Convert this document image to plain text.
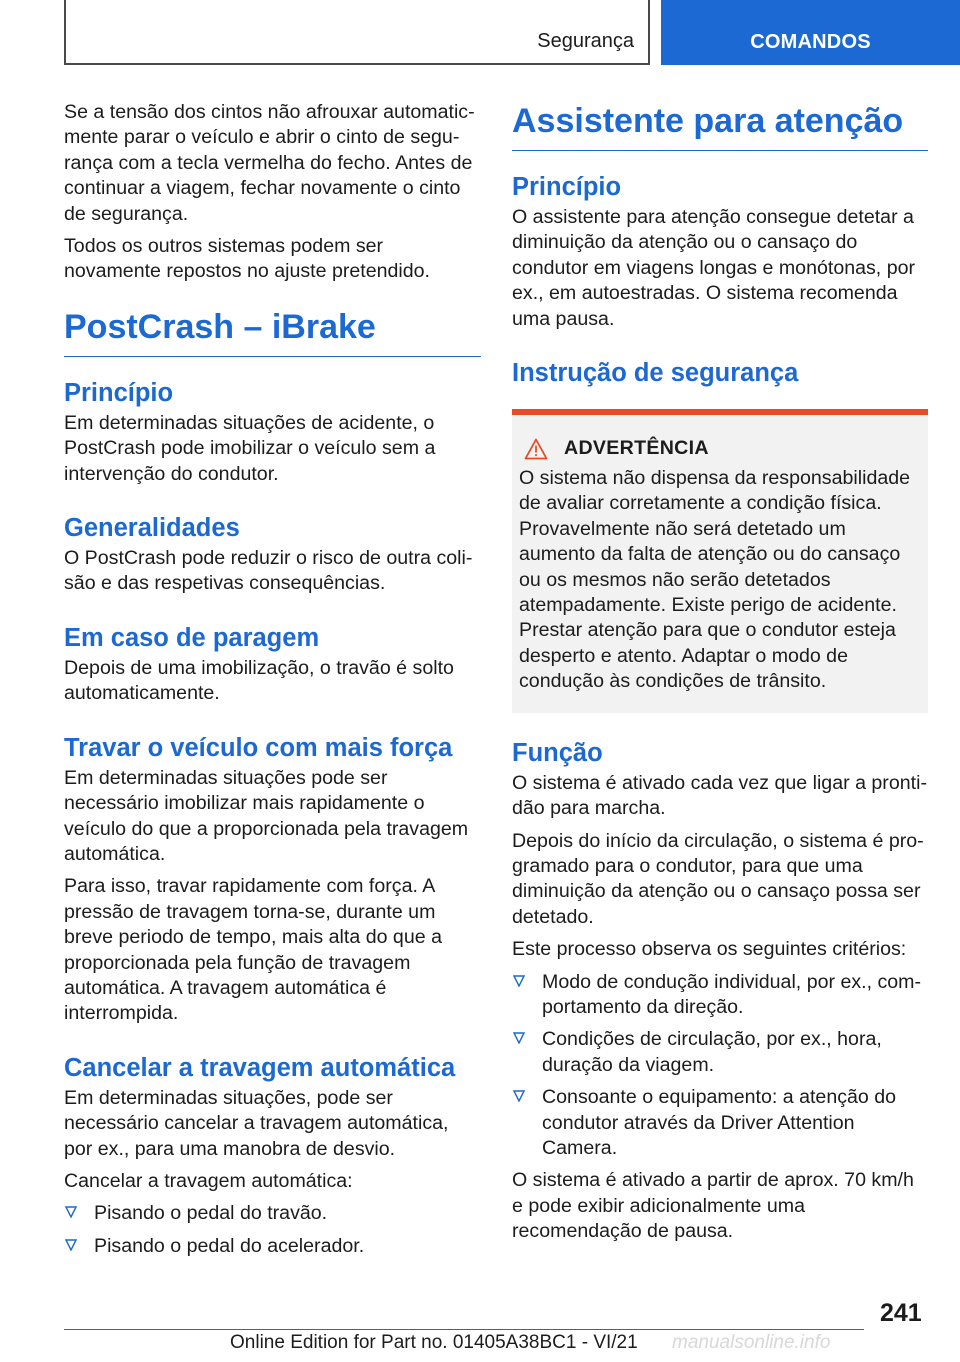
Segurança	COMANDOS

Se a tensão dos cintos não afrouxar automaticmente parar o veículo e abrir o cinto de segurança com a tecla vermelha do fecho. Antes de continuar a viagem, fechar novamente o cinto de segurança.

Todos os outros sistemas podem ser novamente repostos no ajuste pretendido.

PostCrash – iBrake
Princípio

Em determinadas situações de acidente, o PostCrash pode imobilizar o veículo sem a intervenção do condutor.

Generalidades

O PostCrash pode reduzir o risco de outra colisão e das respetivas consequências.

Em caso de paragem

Depois de uma imobilização, o travão é solto automaticamente.

Travar o veículo com mais força

Em determinadas situações pode ser necessário imobilizar mais rapidamente o veículo do que a proporcionada pela travagem automática.

Para isso, travar rapidamente com força. A pressão de travagem torna-se, durante um breve periodo de tempo, mais alta do que a proporcionada pela função de travagem automática. A travagem automática é interrompida.

Cancelar a travagem automática

Em determinadas situações, pode ser necessário cancelar a travagem automática, por ex., para uma manobra de desvio.

Cancelar a travagem automática:

Pisando o pedal do travão.
Pisando o pedal do acelerador.
Assistente para atenção
Princípio

O assistente para atenção consegue detetar a diminuição da atenção ou o cansaço do condutor em viagens longas e monótonas, por ex., em autoestradas. O sistema recomenda uma pausa.

Instrução de segurança
ADVERTÊNCIA

O sistema não dispensa da responsabilidade de avaliar corretamente a condição física. Provavelmente não será detetado um aumento da falta de atenção ou do cansaço ou os mesmos não serão detetados atempadamente. Existe perigo de acidente. Prestar atenção para que o condutor esteja desperto e atento. Adaptar o modo de condução às condições de trânsito.

Função

O sistema é ativado cada vez que ligar a prontidão para marcha.

Depois do início da circulação, o sistema é programado para o condutor, para que uma diminuição da atenção ou o cansaço possa ser detetado.

Este processo observa os seguintes critérios:

Modo de condução individual, por ex., comportamento da direção.
Condições de circulação, por ex., hora, duração da viagem.
Consoante o equipamento: a atenção do condutor através da Driver Attention Camera.

O sistema é ativado a partir de aprox. 70 km/h e pode exibir adicionalmente uma recomendação de pausa.

241
Online Edition for Part no. 01405A38BC1 - VI/21 manualsonline.info
